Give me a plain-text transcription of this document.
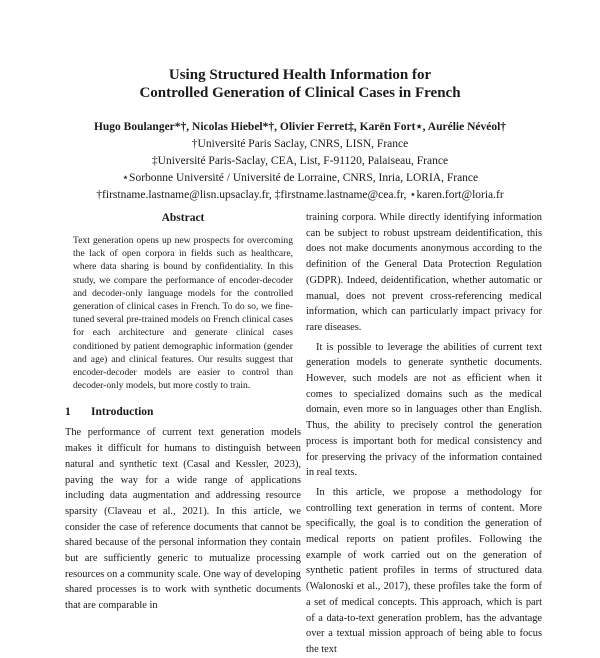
Using Structured Health Information for
Controlled Generation of Clinical Cases in French
Hugo Boulanger*†, Nicolas Hiebel*†, Olivier Ferret‡, Karën Fort⋆, Aurélie Névéol†
†Université Paris Saclay, CNRS, LISN, France
‡Université Paris-Saclay, CEA, List, F-91120, Palaiseau, France
⋆Sorbonne Université / Université de Lorraine, CNRS, Inria, LORIA, France
†firstname.lastname@lisn.upsaclay.fr, ‡firstname.lastname@cea.fr, ⋆karen.fort@loria.fr
Abstract

Text generation opens up new prospects for overcoming the lack of open corpora in fields such as healthcare, where data sharing is bound by confidentiality. In this study, we compare the performance of encoder-decoder and decoder-only language models for the controlled generation of clinical cases in French. To do so, we fine-tuned several pre-trained models on French clinical cases for each architecture and generate clinical cases conditioned by patient demographic information (gender and age) and clinical features. Our results suggest that encoder-decoder models are easier to control than decoder-only models, but more costly to train.

1 Introduction

The performance of current text generation models makes it difficult for humans to distinguish between natural and synthetic text (Casal and Kessler, 2023), paving the way for a wide range of applications including data augmentation and addressing resource sparsity (Claveau et al., 2021). In this article, we consider the case of reference documents that cannot be shared because of the personal information they contain but are sufficiently generic to mutualize processing resources on a community scale. One way of developing shared processes is to work with synthetic documents that are comparable in

training corpora. While directly identifying information can be subject to robust upstream deidentification, this does not make documents anonymous according to the definition of the General Data Protection Regulation (GDPR). Indeed, deidentification, whether automatic or manual, does not prevent cross-referencing medical information, which can particularly impact privacy for rare diseases.

It is possible to leverage the abilities of current text generation models to generate synthetic documents. However, such models are not as efficient when it comes to specialized domains such as the medical domain, even more so in languages other than English. Thus, the ability to precisely control the generation process is important both for medical consistency and for preserving the privacy of the information contained in real texts.

In this article, we propose a methodology for controlling text generation in terms of content. More specifically, the goal is to condition the generation of medical reports on patient profiles. Following the example of work carried out on the generation of synthetic patient profiles in terms of structured data (Walonoski et al., 2017), these profiles take the form of a set of medical concepts. This approach, which is part of a data-to-text generation problem, has the advantage over a textual mission approach of being able to focus the text
